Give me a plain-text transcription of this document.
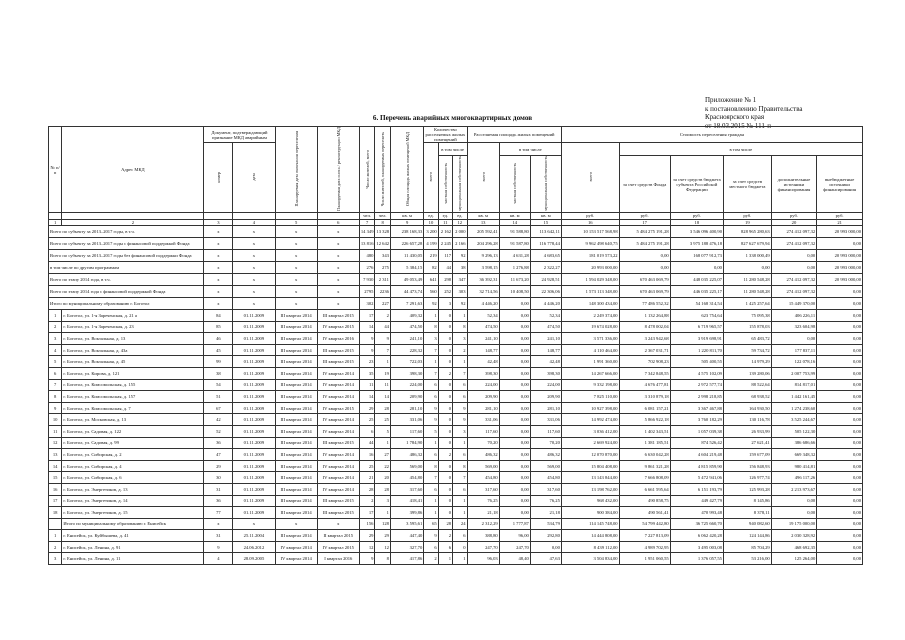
Приложение № 1
к постановлению Правительства
Красноярского края
от 18.03.2015 № 111-п
6. Перечень аварийных многоквартирных домов
№ п/п	Адрес МКД	Документ, подтверждающий признание МКД аварийным		Планируемая дата окончания переселения	Планируемая дата сноса / реконструкции МКД	Число жителей, всего	Число жителей, планируемых переселить	Общая площадь жилых помещений МКД	Количество расселяемых жилых помещений			Расселяемая площадь жилых помещений			Стоимость переселения граждан					
		номер	дата						всего	в том числе		всего	в том числе		всего	в том числе				
										частная собственность	муниципальная собственность		частная собственность	муниципальная собственность		за счет средств Фонда	за счет средств бюджета субъекта Российской Федерации	за счет средств местного бюджета	дополнительные источники финансирования	внебюджетные источники финансирования
						чел.	чел.	кв. м	ед.	ед.	ед.	кв. м	кв. м	кв. м	руб.	руб.	руб.	руб.	руб.	руб.
1	2	3	4	5	6	7	8	9	10	11	12	13	14	15	16	17	18	19	20	21
Всего по субъекту за 2013–2017 годы, в т.ч.		x	x	x	x	14 349	13 328	238 168,33	3 200	2 162	2 000	205 592,41	91 588,80	113 642,11	10 153 517 568,98	5 484 275 191,28	3 546 096 400,90	828 965 280,63	274 412 097,32	20 993 000,00
Всего по субъекту за 2013–2017 годы с финансовой поддержкой Фонда		x	x	x	x	13 816	12 642	226 657,28	4 199	2 245	2 166	204 296,28	91 587,80	116 778,44	9 962 498 640,75	5 484 275 191,28	3 975 188 476,18	827 627 679,94	274 412 097,32	0,00
Всего по субъекту за 2013–2017 годы без финансовой поддержки Фонда		x	x	x	x	480	343	11 430,05	219	117	92	9 296,13	4 631,28	4 683,65	181 019 573,22	0,00	168 077 912,73	1 338 000,49	0,00	20 993 000,00
в том числе по другим программам		x	x	x	x	276	275	5 384,15	82	44	38	3 598,15	1 276,88	2 322,27	20 993 000,00	0,00	0,00	0,00	0,00	20 993 000,00
Всего по этапу 2014 года, в т.ч.		x	x	x	x	7 930	2 311	49 053,49	641	298	347	36 392,31	11 673,20	24 928,51	1 594 029 348,00	670 463 069,79	448 035 225,07	11 280 548,28	274 412 097,32	20 993 000,00
Всего по этапу 2014 года с финансовой поддержкой Фонда		x	x	x	x	2795	2236	44 473,74	560	252	303	32 714,56	10 408,50	22 306,06	1 573 113 348,00	670 463 069,79	446 035 225,17	11 280 548,28	274 412 097,32	0,00
Итого по муниципальному образованию г. Боготол		x	x	x	x	302	227	7 291,63	92	3	92	4 446,20	0,00	4 446,20	148 300 434,00	77 486 552,32	54 168 314,54	1 425 257,64	15 449 370,00	0,00
1	г. Боготол, ул. 1-я Зареченская, д. 21 а	84	01.11.2009	III квартал 2014	III квартал 2015	17	2	409,32	1	0	1	52,34	0,00	52,34	2 249 374,00	1 132 264,88	623 754,64	75 095,38	406 226,11	0,00
2	г. Боготол, ул. 1-я Зареченская, д. 23	85	01.11.2009	III квартал 2014	IV квартал 2015	14	44	474,50	8	0	8	474,50	0,00	474,50	19 674 028,00	8 478 002,04	6 719 965,57	155 878,03	323 604,98	0,00
3	г. Боготол, ул. Вокзальная, д. 13	46	01.11.2009	III квартал 2014	IV квартал 2016	9	9	241,10	3	0	3	241,10	0,00	241,10	3 571 336,00	3 243 942,68	3 919 698,91	65 483,72	0,00	0,00
4	г. Боготол, ул. Вокзальная, д. 43а	45	01.11.2009	III квартал 2014	III квартал 2015	9	7	228,32	7	0	2	148,77	0,00	148,77	4 110 464,00	2 367 031,71	1 220 811,70	59 734,72	177 837,11	0,00
5	г. Боготол, ул. Вокзальная, д. 45	99	01.11.2009	III квартал 2014	III квартал 2015	23	1	722,03	1	0	1	42,48	0,00	42,48	1 991 360,00	702 908,23	505 400,55	14 979,29	122 078,16	0,00
6	г. Боготол, ул. Кирова, д. 121	38	01.11.2009	III квартал 2014	IV квартал 2014	35	19	398,30	7	2	7	398,30	0,00	398,30	14 267 666,00	7 342 848,55	4 575 102,09	139 280,06	2 007 753,99	0,00
7	г. Боготол, ул. Комсомольская, д. 155	54	01.11.2009	III квартал 2014	IV квартал 2014	11	11	224,00	6	0	6	224,00	0,00	224,00	9 332 198,00	4 676 477,81	2 972 577,74	88 522,64	814 817,01	0,00
8	г. Боготол, ул. Комсомольская, д. 157	51	01.11.2009	III квартал 2014	IV квартал 2014	14	14	209,90	6	0	6	209,90	0,00	209,90	7 825 110,00	3 310 879,18	2 998 218,85	68 938,52	1 442 161,45	0,00
9	г. Боготол, ул. Комсомольская, д. 7	67	01.11.2009	III квартал 2014	IV квартал 2015	29	28	281,10	9	0	9	281,10	0,00	281,10	10 927 398,00	6 081 157,21	3 367 467,88	164 930,50	1 274 238,60	0,00
10	г. Боготол, ул. Московская, д. 13	42	01.11.2009	III квартал 2014	IV квартал 2014	25	25	331,06	9	0	9	331,06	0,00	331,06	14 992 474,00	5 866 922,18	3 760 182,29	130 116,78	3 525 244,67	0,00
11	г. Боготол, ул. Садовая, д. 122	52	01.11.2009	III квартал 2014	IV квартал 2014	6	5	117,60	5	0	3	117,60	0,00	117,60	3 036 412,00	1 402 343,51	1 057 039,38	26 933,99	505 122,30	0,00
12	г. Боготол, ул. Садовая, д. 99	36	01.11.2009	III квартал 2014	III квартал 2015	44	1	1 784,90	1	0	1	70,20	0,00	70,20	2 669 924,00	1 381 185,51	874 526,42	27 621,41	386 686,66	0,00
13	г. Боготол, ул. Сибирская, д. 2	47	01.11.2009	III квартал 2014	IV квартал 2014	16	27	486,32	6	2	6	486,32	0,00	486,32	12 070 870,00	6 630 042,28	4 604 219,48	159 677,09	669 348,32	0,00
14	г. Боготол, ул. Сибирская, д. 4	29	01.11.2009	III квартал 2014	IV квартал 2014	25	22	569,00	8	0	8	569,00	0,00	569,00	15 804 408,00	9 861 321,28	4 815 859,90	156 848,93	980 414,81	0,00
15	г. Боготол, ул. Сибирская, д. 6	30	01.11.2009	III квартал 2014	IV квартал 2014	21	20	454,80	7	0	7	454,80	0,00	454,80	13 143 844,00	7 666 808,09	5 472 941,06	126 977,74	496 117,26	0,00
16	г. Боготол, ул. Энергетиков, д. 13	31	01.11.2009	III квартал 2014	IV квартал 2014	28	28	317,60	6	0	6	317,60	0,00	317,60	13 198 762,00	6 661 595,64	6 151 193,79	125 993,28	2 213 973,67	0,00
17	г. Боготол, ул. Энергетиков, д. 14	36	01.11.2009	III квартал 2014	III квартал 2015	2	3	418,41	1	0	1	76,25	0,00	76,25	968 432,00	490 858,75	449 427,79	8 145,86	0,00	0,00
18	г. Боготол, ул. Энергетиков, д. 15	77	01.11.2009	III квартал 2014	III квартал 2015	17	1	399,86	1	0	1	21,18	0,00	21,18	900 384,00	490 561,41	470 993,48	8 378,11	0,00	0,00
	Итого по муниципальному образованию г. Енисейск	x	x	x	x	156	128	3 595,61	65	28	24	2 312,29	1 777,87	534,79	114 145 748,00	54 799 442,80	36 725 660,70	940 082,60	19 175 000,00	0,00
1	г. Енисейск, ул. Куйбышева, д. 41	31	25.11.2004	III квартал 2014	II квартал 2015	29	29	447,40	9	2	6	388,80	96,00	292,80	14 444 808,00	7 227 813,09	6 062 420,28	124 144,86	2 030 328,92	0,00
2	г. Енисейск, ул. Ленина, д. 91	9	24.06.2012	IV квартал 2014	IV квартал 2015	12	12	327,70	6	6	0	247,70	247,70	0,00	8 439 112,00	4 989 702,95	3 495 003,08	85 704,29	468 692,35	0,00
3	г. Енисейск, ул. Ленина, д. 11	4	28.09.2005	IV квартал 2014	I квартал 2016	9	8	417,86	2	1	1	96,03	48,40	47,63	3 504 834,00	1 951 060,55	1 376 057,55	53 216,00	125 264,00	0,00
